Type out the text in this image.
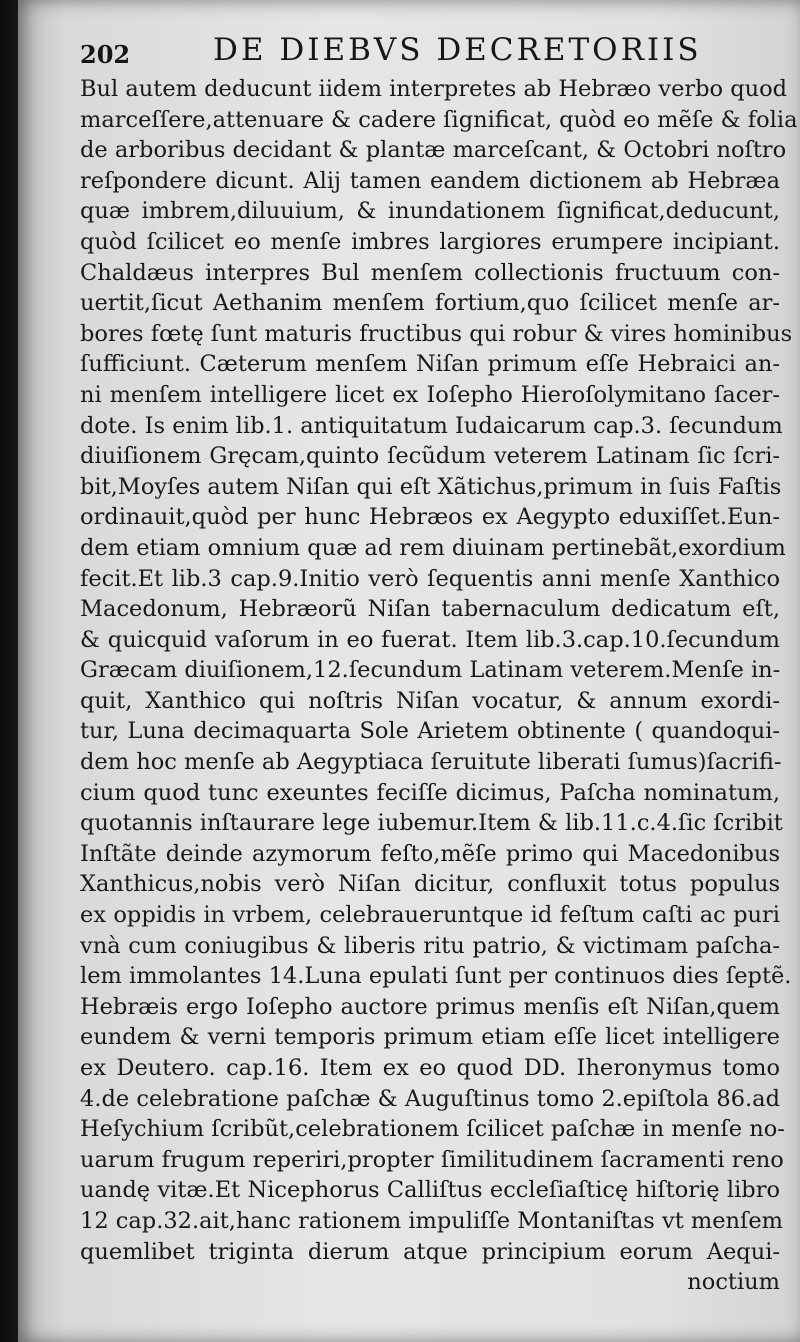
202	DE DIEBVS DECRETORIIS
Bul autem deducunt iidem interpretes ab Hebræo verbo quod
marceſſere,attenuare & cadere ſignificat, quòd eo mẽſe & folia
de arboribus decidant & plantæ marceſcant, & Octobri noſtro
reſpondere dicunt. Alij tamen eandem dictionem ab Hebræa
quæ imbrem,diluuium, & inundationem ſignificat,deducunt,
quòd ſcilicet eo menſe imbres largiores erumpere incipiant.
Chaldæus interpres Bul menſem collectionis fructuum con-
uertit,ſicut Aethanim menſem fortium,quo ſcilicet menſe ar-
bores fœtę ſunt maturis fructibus qui robur & vires hominibus
ſufficiunt. Cæterum menſem Niſan primum eſſe Hebraici an-
ni menſem intelligere licet ex Ioſepho Hieroſolymitano ſacer-
dote. Is enim lib.1. antiquitatum Iudaicarum cap.3. ſecundum
diuiſionem Gręcam,quinto ſecũdum veterem Latinam ſic ſcri-
bit,Moyſes autem Niſan qui eſt Xãtichus,primum in ſuis Faſtis
ordinauit,quòd per hunc Hebræos ex Aegypto eduxiſſet.Eun-
dem etiam omnium quæ ad rem diuinam pertinebãt,exordium
fecit.Et lib.3 cap.9.Initio verò ſequentis anni menſe Xanthico
Macedonum, Hebræorũ Niſan tabernaculum dedicatum eſt,
& quicquid vaſorum in eo fuerat. Item lib.3.cap.10.ſecundum
Græcam diuiſionem,12.ſecundum Latinam veterem.Menſe in-
quit, Xanthico qui noſtris Niſan vocatur, & annum exordi-
tur, Luna decimaquarta Sole Arietem obtinente ( quandoqui-
dem hoc menſe ab Aegyptiaca ſeruitute liberati ſumus)ſacrifi-
cium quod tunc exeuntes feciſſe dicimus, Paſcha nominatum,
quotannis inſtaurare lege iubemur.Item & lib.11.c.4.ſic ſcribit
Inſtãte deinde azymorum feſto,mẽſe primo qui Macedonibus
Xanthicus,nobis verò Niſan dicitur, confluxit totus populus
ex oppidis in vrbem, celebraueruntque id feſtum caſti ac puri
vnà cum coniugibus & liberis ritu patrio, & victimam paſcha-
lem immolantes 14.Luna epulati ſunt per continuos dies ſeptẽ.
Hebræis ergo Ioſepho auctore primus menſis eſt Niſan,quem
eundem & verni temporis primum etiam eſſe licet intelligere
ex Deutero. cap.16. Item ex eo quod DD. Iheronymus tomo
4.de celebratione paſchæ & Auguſtinus tomo 2.epiſtola 86.ad
Heſychium ſcribũt,celebrationem ſcilicet paſchæ in menſe no-
uarum frugum reperiri,propter ſimilitudinem ſacramenti reno
uandę vitæ.Et Nicephorus Calliſtus eccleſiaſticę hiſtorię libro
12 cap.32.ait,hanc rationem impuliſſe Montaniſtas vt menſem
quemlibet triginta dierum atque principium eorum Aequi-
noctium
